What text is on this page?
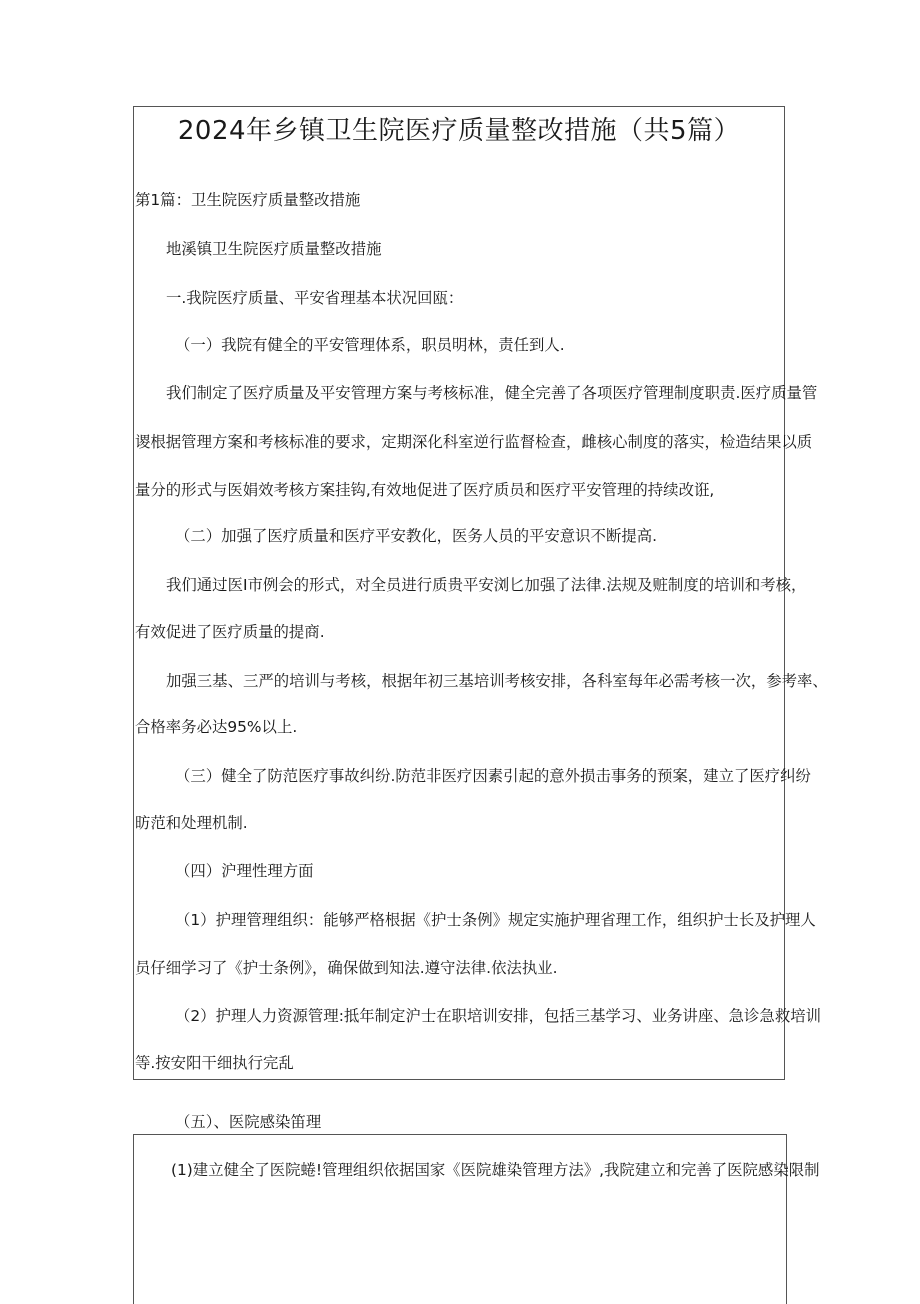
2024年乡镇卫生院医疗质量整改措施（共5篇）
第1篇：卫生院医疗质量整改措施
地溪镇卫生院医疗质量整改措施
一.我院医疗质量、平安省理基本状况回瓯：
（一）我院有健全的平安管理体系，职员明林，责任到人.
我们制定了医疗质量及平安管理方案与考核标准，健全完善了各项医疗管理制度职责.医疗质量管
谡根据管理方案和考核标准的要求，定期深化科室逆行监督检查，雌核心制度的落实，检造结果以质
量分的形式与医娟效考核方案挂钩,有效地促进了医疗质员和医疗平安管理的持续改诳,
（二）加强了医疗质量和医疗平安教化，医务人员的平安意识不断提高.
我们通过医Ⅰ市例会的形式，对全员进行质贵平安浏匕加强了法律.法规及赃制度的培训和考核，
有效促进了医疗质量的提商.
加强三基、三严的培训与考核，根据年初三基培训考核安排，各科室每年必需考核一次，参考率、
合格率务必达95%以上.
（三）健全了防范医疗事故纠纷.防范非医疗因素引起的意外损击事务的预案，建立了医疗纠纷
昉范和处理机制.
（四）沪理性理方面
（1）护理管理组织：能够严格根据《护士条例》规定实施护理省理工作，组织护士长及护理人
员仔细学习了《护士条例》，确保做到知法.遵守法律.依法执业.
（2）护理人力资源管理:抵年制定沪士在职培训安排，包括三基学习、业务讲座、急诊急救培训
等.按安阳干细执行完乱
（五）、医院感染笛理
(1)建立健全了医院蜷!管理组织依据国家《医院雄染管理方法》,我院建立和完善了医院感染限制
